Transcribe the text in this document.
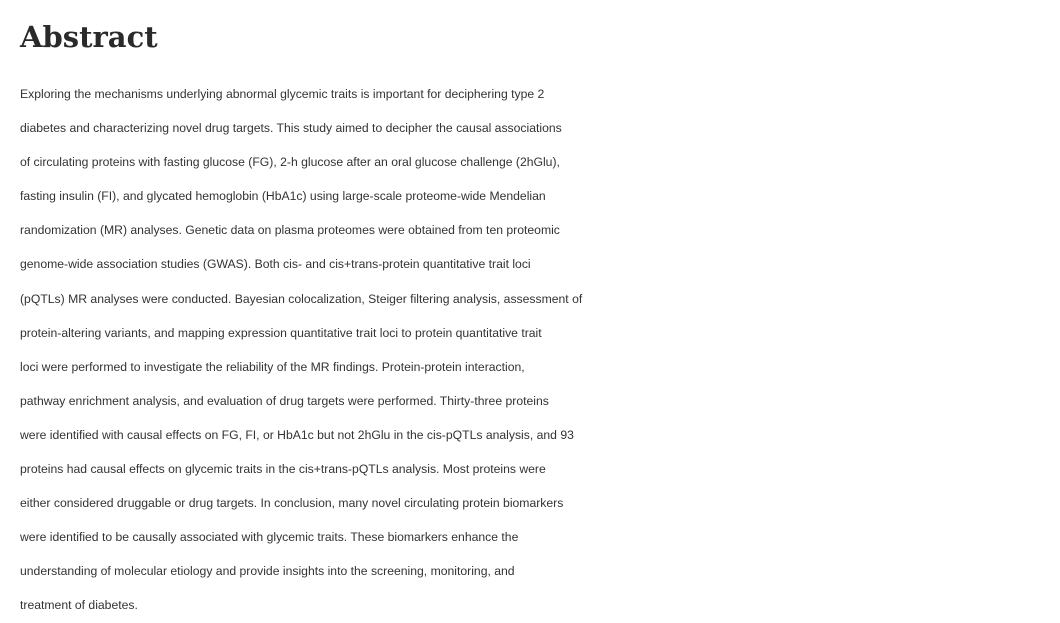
Abstract

Exploring the mechanisms underlying abnormal glycemic traits is important for deciphering type 2
diabetes and characterizing novel drug targets. This study aimed to decipher the causal associations
of circulating proteins with fasting glucose (FG), 2-h glucose after an oral glucose challenge (2hGlu),
fasting insulin (FI), and glycated hemoglobin (HbA1c) using large-scale proteome-wide Mendelian
randomization (MR) analyses. Genetic data on plasma proteomes were obtained from ten proteomic
genome-wide association studies (GWAS). Both cis- and cis+trans-protein quantitative trait loci
(pQTLs) MR analyses were conducted. Bayesian colocalization, Steiger filtering analysis, assessment of
protein-altering variants, and mapping expression quantitative trait loci to protein quantitative trait
loci were performed to investigate the reliability of the MR findings. Protein-protein interaction,
pathway enrichment analysis, and evaluation of drug targets were performed. Thirty-three proteins
were identified with causal effects on FG, FI, or HbA1c but not 2hGlu in the cis-pQTLs analysis, and 93
proteins had causal effects on glycemic traits in the cis+trans-pQTLs analysis. Most proteins were
either considered druggable or drug targets. In conclusion, many novel circulating protein biomarkers
were identified to be causally associated with glycemic traits. These biomarkers enhance the
understanding of molecular etiology and provide insights into the screening, monitoring, and
treatment of diabetes.
